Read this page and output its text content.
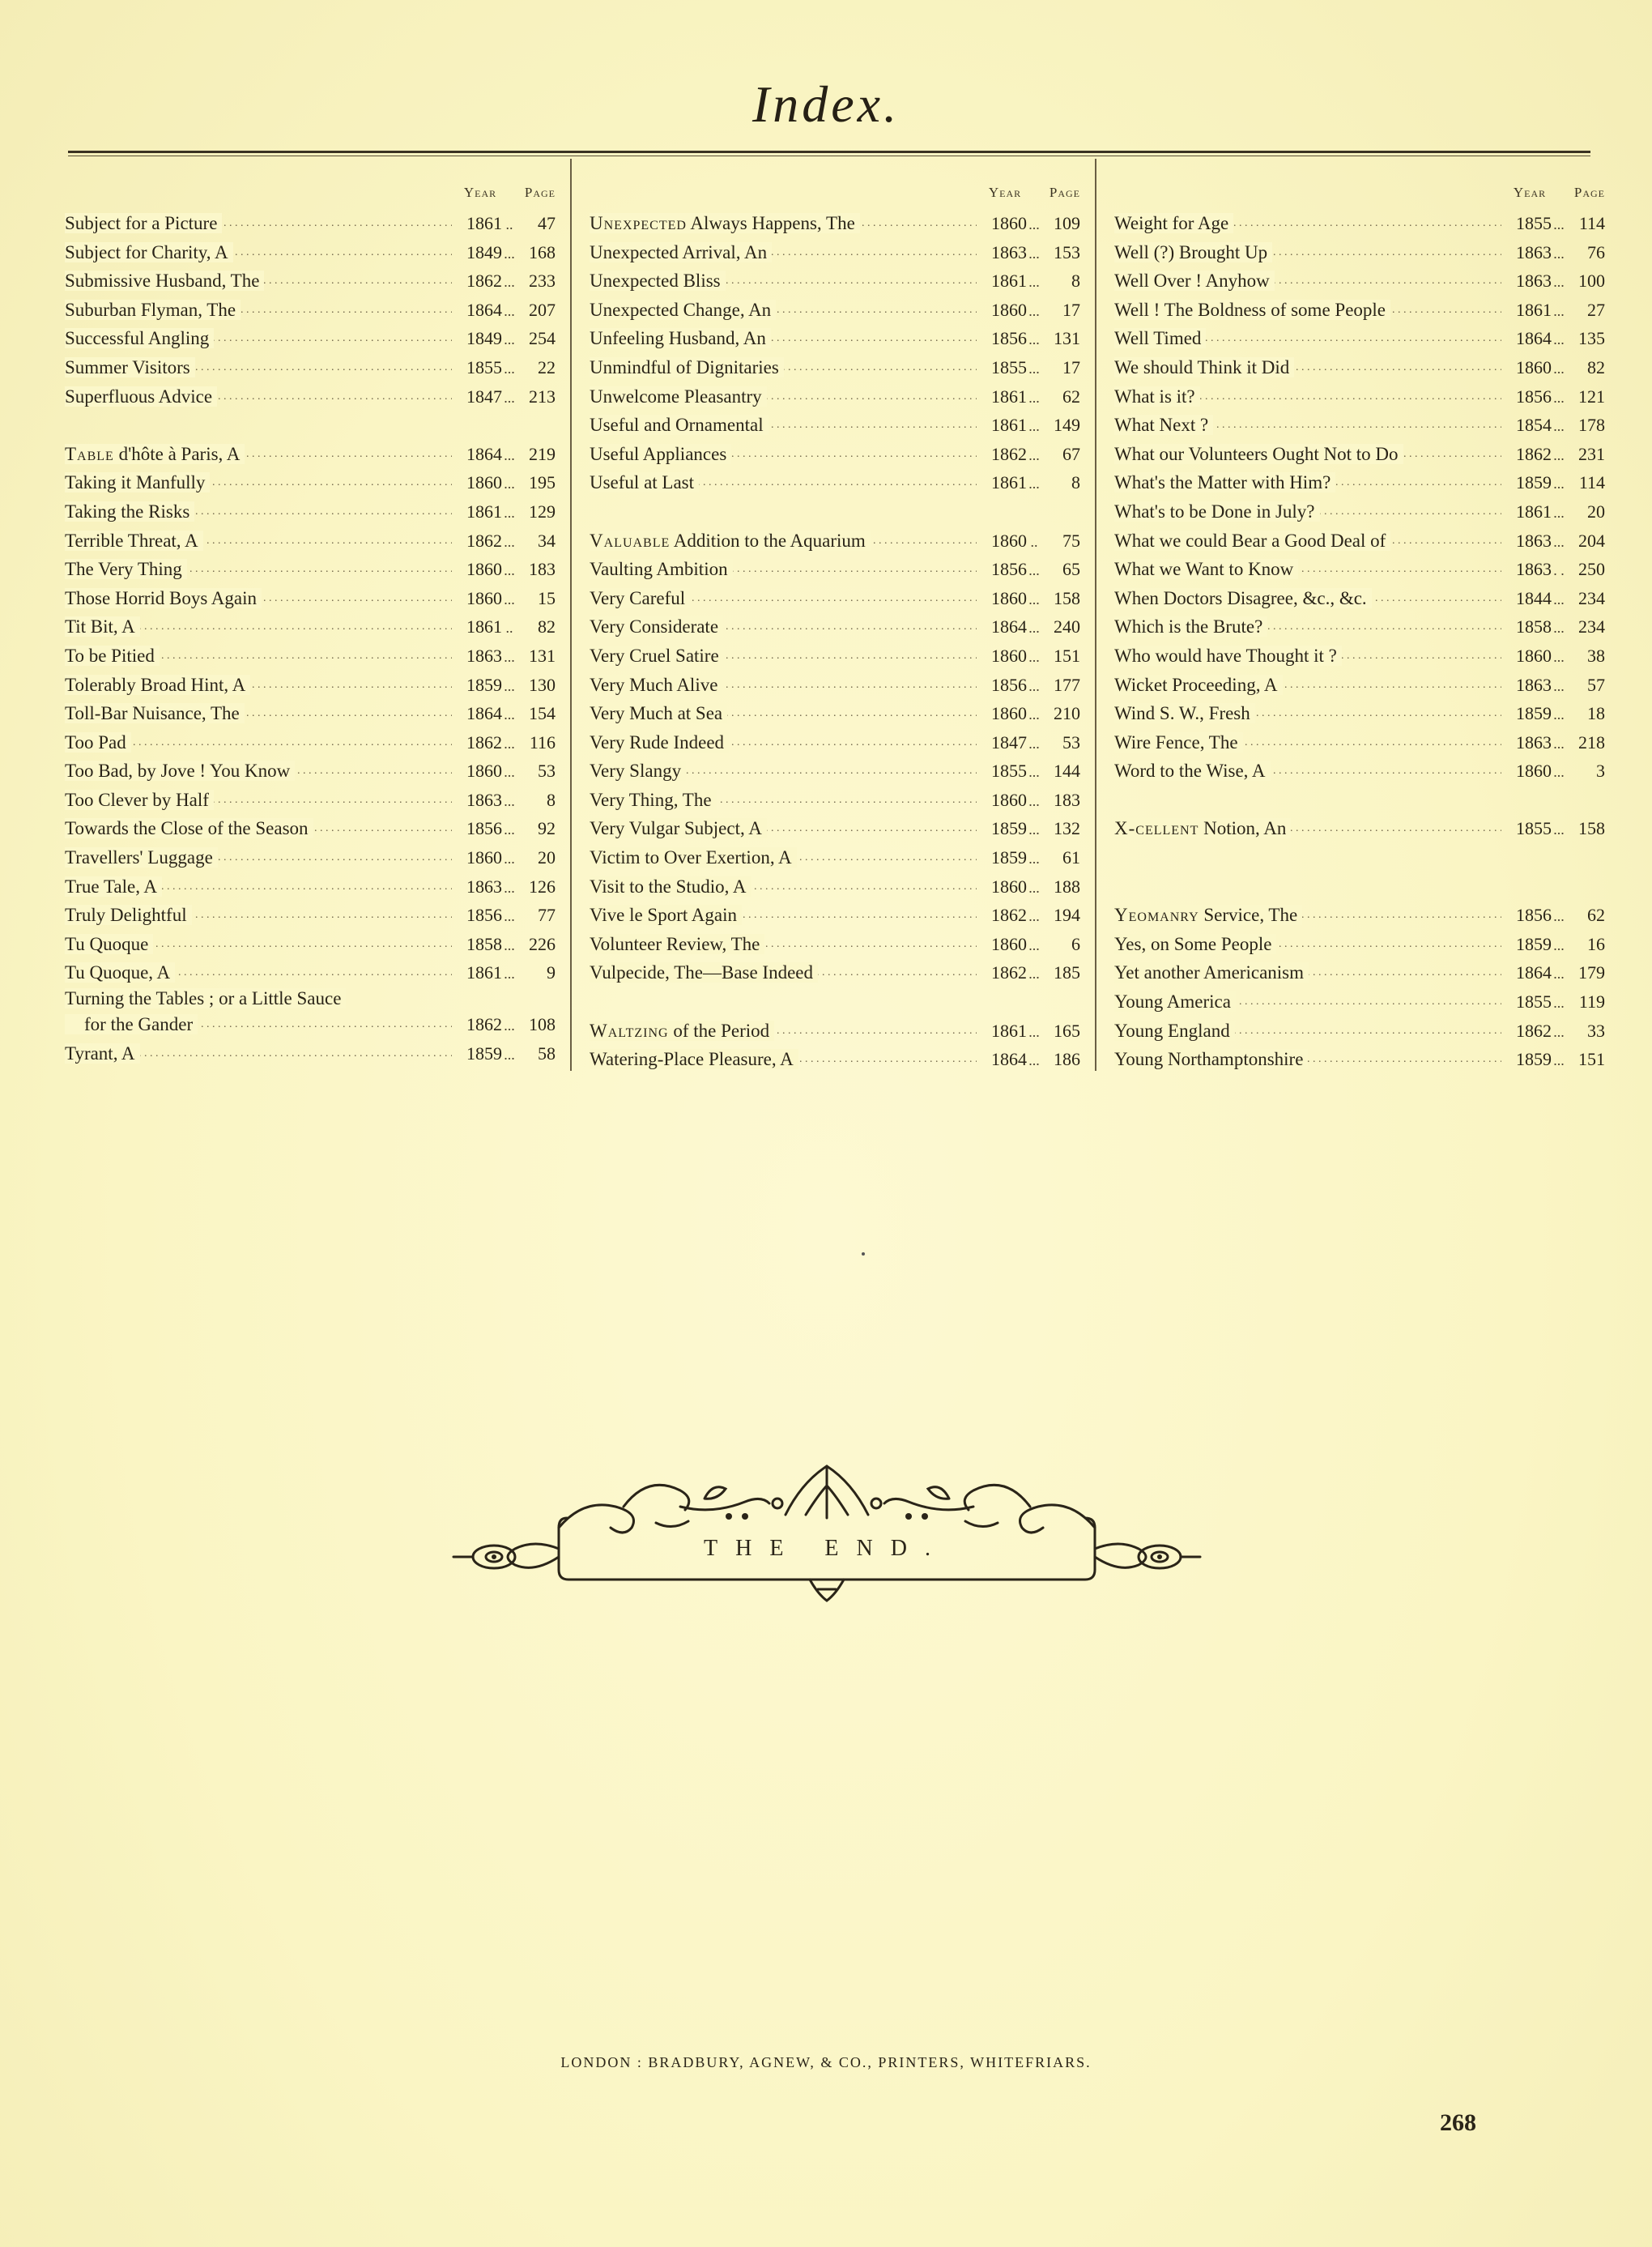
Index.
Year	Page
Subject for a Picture . . .	1861 ..	47
Subject for Charity, A . . .	1849 ... 168
Submissive Husband, The . . .	1862 ... 233
Suburban Flyman, The . . .	1864 ... 207
Successful Angling . . .	1849 ... 254
Summer Visitors . . .	1855 ...	22
Superfluous Advice . . .	1847 ... 213
Table d'hôte à Paris, A . . .	1864 ... 219
Taking it Manfully . . .	1860 ... 195
Taking the Risks . . .	1861 ... 129
Terrible Threat, A . . .	1862 ...	34
The Very Thing . . .	1860 ... 183
Those Horrid Boys Again . . .	1860 ...	15
Tit Bit, A . . .	1861 ..	82
To be Pitied . . .	1863 ... 131
Tolerably Broad Hint, A . . .	1859 ... 130
Toll-Bar Nuisance, The . . .	1864 ... 154
Too Pad . . .	1862 ... 116
Too Bad, by Jove ! You Know . . .	1860 ...	53
Too Clever by Half . . .	1863 ...	8
Towards the Close of the Season . . .	1856 ...	92
Travellers' Luggage . . .	1860 ...	20
True Tale, A . . .	1863 ... 126
Truly Delightful . . .	1856 ...	77
Tu Quoque . . .	1858 ... 226
Tu Quoque, A . . .	1861 ...	9
Turning the Tables ; or a Little Sauce
for the Gander . . .	1862 ... 108
Tyrant, A . . .	1859 ...	58
Year	Page
Unexpected Always Happens, The . . .	1860 ... 109
Unexpected Arrival, An . . .	1863 ... 153
Unexpected Bliss . . .	1861 ...	8
Unexpected Change, An . . .	1860 ...	17
Unfeeling Husband, An . . .	1856 ... 131
Unmindful of Dignitaries . . .	1855 ...	17
Unwelcome Pleasantry . . .	1861 ...	62
Useful and Ornamental . . .	1861 ... 149
Useful Appliances . . .	1862 ...	67
Useful at Last . . .	1861 ...	8
Valuable Addition to the Aquarium . . .	1860 ..	75
Vaulting Ambition . . .	1856 ...	65
Very Careful . . .	1860 ... 158
Very Considerate . . .	1864 ... 240
Very Cruel Satire . . .	1860 ... 151
Very Much Alive . . .	1856 ... 177
Very Much at Sea . . .	1860 ... 210
Very Rude Indeed . . .	1847 ...	53
Very Slangy . . .	1855 ... 144
Very Thing, The . . .	1860 ... 183
Very Vulgar Subject, A . . .	1859 ... 132
Victim to Over Exertion, A . . .	1859 ...	61
Visit to the Studio, A . . .	1860 ... 188
Vive le Sport Again . . .	1862 ... 194
Volunteer Review, The . . .	1860 ...	6
Vulpecide, The—Base Indeed . . .	1862 ... 185
Waltzing of the Period . . .	1861 ... 165
Watering-Place Pleasure, A . . .	1864 ... 186
Year	Page
Weight for Age . . .	1855 ... 114
Well (?) Brought Up . . .	1863 ...	76
Well Over ! Anyhow . . .	1863 ... 100
Well ! The Boldness of some People . . .	1861 ...	27
Well Timed . . .	1864 ... 135
We should Think it Did . . .	1860 ...	82
What is it? . . .	1856 ... 121
What Next ? . . .	1854 ... 178
What our Volunteers Ought Not to Do . . .	1862 ... 231
What's the Matter with Him? . . .	1859 ... 114
What's to be Done in July? . . .	1861 ...	20
What we could Bear a Good Deal of . . .	1863 ... 204
What we Want to Know . . .	1863 . . 250
When Doctors Disagree, &c., &c. . . .	1844 ... 234
Which is the Brute? . . .	1858 ... 234
Who would have Thought it ? . . .	1860 ...	38
Wicket Proceeding, A . . .	1863 ...	57
Wind S. W., Fresh . . .	1859 ...	18
Wire Fence, The . . .	1863 ... 218
Word to the Wise, A . . .	1860 ...	3
X-cellent Notion, An . . .	1855 ... 158
Yeomanry Service, The . . .	1856 ...	62
Yes, on Some People . . .	1859 ...	16
Yet another Americanism . . .	1864 ... 179
Young America . . .	1855 ... 119
Young England . . .	1862 ...	33
Young Northamptonshire . . .	1859 ... 151
THE END.
LONDON : BRADBURY, AGNEW, & CO., PRINTERS, WHITEFRIARS.
268
